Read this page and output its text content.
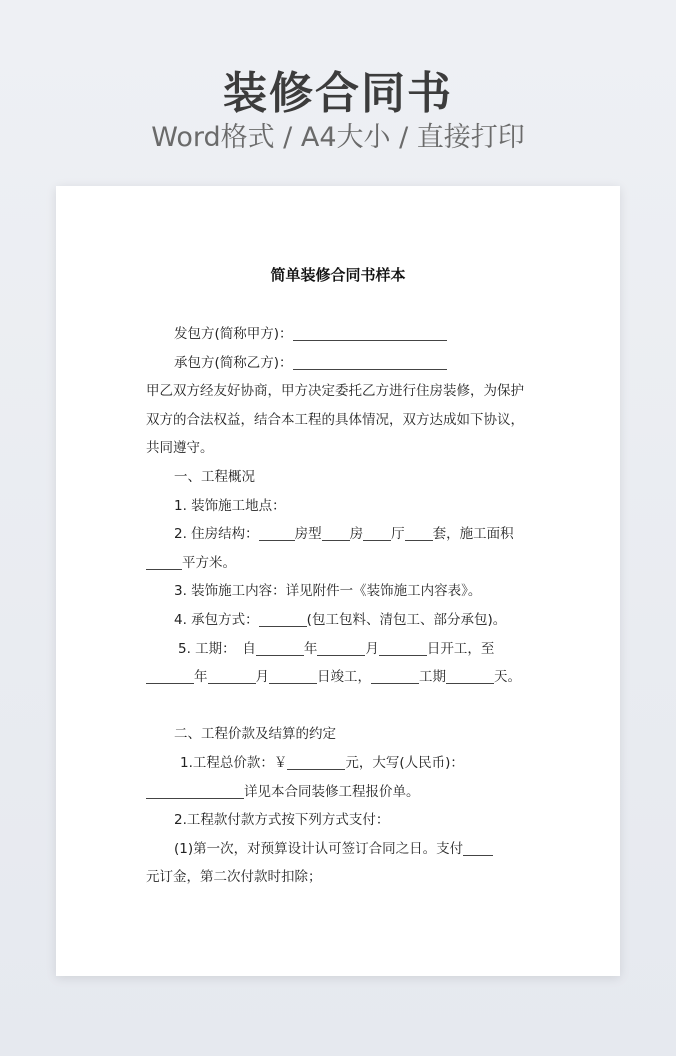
装修合同书
Word格式 / A4大小 / 直接打印
简单装修合同书样本

发包方(简称甲方)：

承包方(简称乙方)：

甲乙双方经友好协商，甲方决定委托乙方进行住房装修，为保护双方的合法权益，结合本工程的具体情况，双方达成如下协议，共同遵守。

一、工程概况

1. 装饰施工地点：

2. 住房结构：	房型 房 厅 套，施工面积

平方米。

3. 装饰施工内容：详见附件一《装饰施工内容表》。

4. 承包方式：	(包工包料、清包工、部分承包)。

5. 工期：　自	年	月	日开工，至

年	月	日竣工，	工期	天。

二、工程价款及结算的约定

1.工程总价款：￥	元，大写(人民币)：

详见本合同装修工程报价单。

2.工程款付款方式按下列方式支付：

(1)第一次，对预算设计认可签订合同之日。支付

元订金，第二次付款时扣除；
